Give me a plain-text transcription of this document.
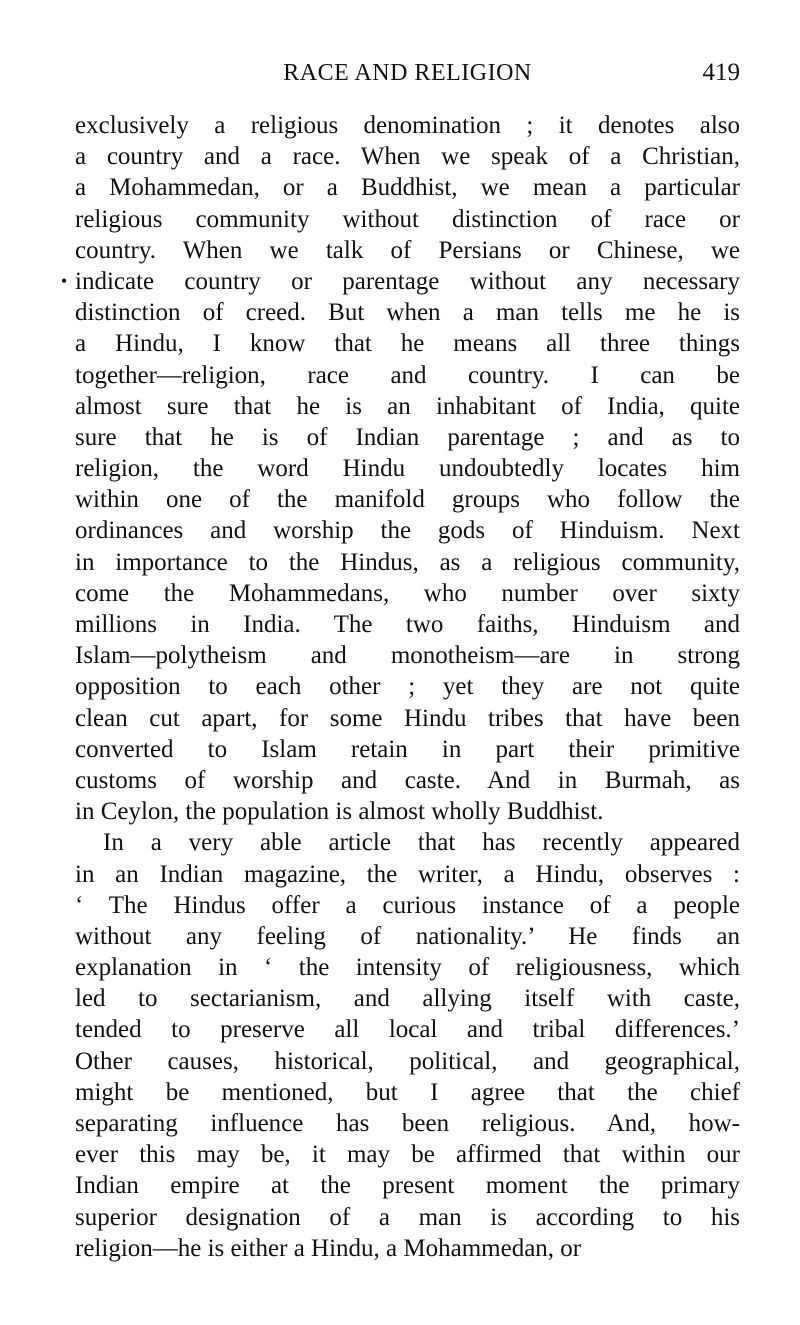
RACE AND RELIGION	419
•
exclusively a religious denomination ; it denotes also
a country and a race. When we speak of a Christian,
a Mohammedan, or a Buddhist, we mean a particular
religious community without distinction of race or
country. When we talk of Persians or Chinese, we
indicate country or parentage without any necessary
distinction of creed. But when a man tells me he is
a Hindu, I know that he means all three things
together—religion, race and country. I can be
almost sure that he is an inhabitant of India, quite
sure that he is of Indian parentage ; and as to
religion, the word Hindu undoubtedly locates him
within one of the manifold groups who follow the
ordinances and worship the gods of Hinduism. Next
in importance to the Hindus, as a religious community,
come the Mohammedans, who number over sixty
millions in India. The two faiths, Hinduism and
Islam—polytheism and monotheism—are in strong
opposition to each other ; yet they are not quite
clean cut apart, for some Hindu tribes that have been
converted to Islam retain in part their primitive
customs of worship and caste. And in Burmah, as
in Ceylon, the population is almost wholly Buddhist.
In a very able article that has recently appeared
in an Indian magazine, the writer, a Hindu, observes :
‘ The Hindus offer a curious instance of a people
without any feeling of nationality.’ He finds an
explanation in ‘ the intensity of religiousness, which
led to sectarianism, and allying itself with caste,
tended to preserve all local and tribal differences.’
Other causes, historical, political, and geographical,
might be mentioned, but I agree that the chief
separating influence has been religious. And, how-
ever this may be, it may be affirmed that within our
Indian empire at the present moment the primary
superior designation of a man is according to his
religion—he is either a Hindu, a Mohammedan, or
